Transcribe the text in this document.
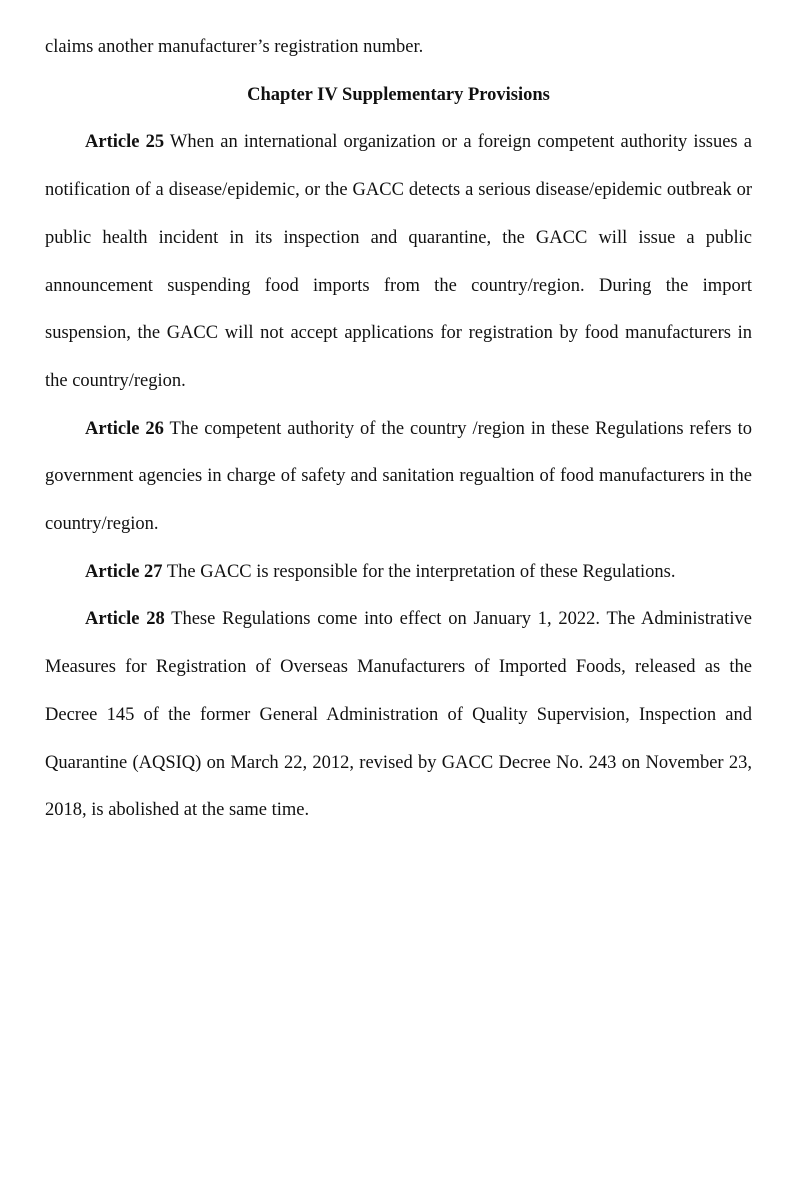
claims another manufacturer’s registration number.

Chapter IV Supplementary Provisions

Article 25 When an international organization or a foreign competent authority issues a notification of a disease/epidemic, or the GACC detects a serious disease/epidemic outbreak or public health incident in its inspection and quarantine, the GACC will issue a public announcement suspending food imports from the country/region. During the import suspension, the GACC will not accept applications for registration by food manufacturers in the country/region.

Article 26 The competent authority of the country /region in these Regulations refers to government agencies in charge of safety and sanitation regualtion of food manufacturers in the country/region.

Article 27 The GACC is responsible for the interpretation of these Regulations.

Article 28 These Regulations come into effect on January 1, 2022. The Administrative Measures for Registration of Overseas Manufacturers of Imported Foods, released as the Decree 145 of the former General Administration of Quality Supervision, Inspection and Quarantine (AQSIQ) on March 22, 2012, revised by GACC Decree No. 243 on November 23, 2018, is abolished at the same time.
